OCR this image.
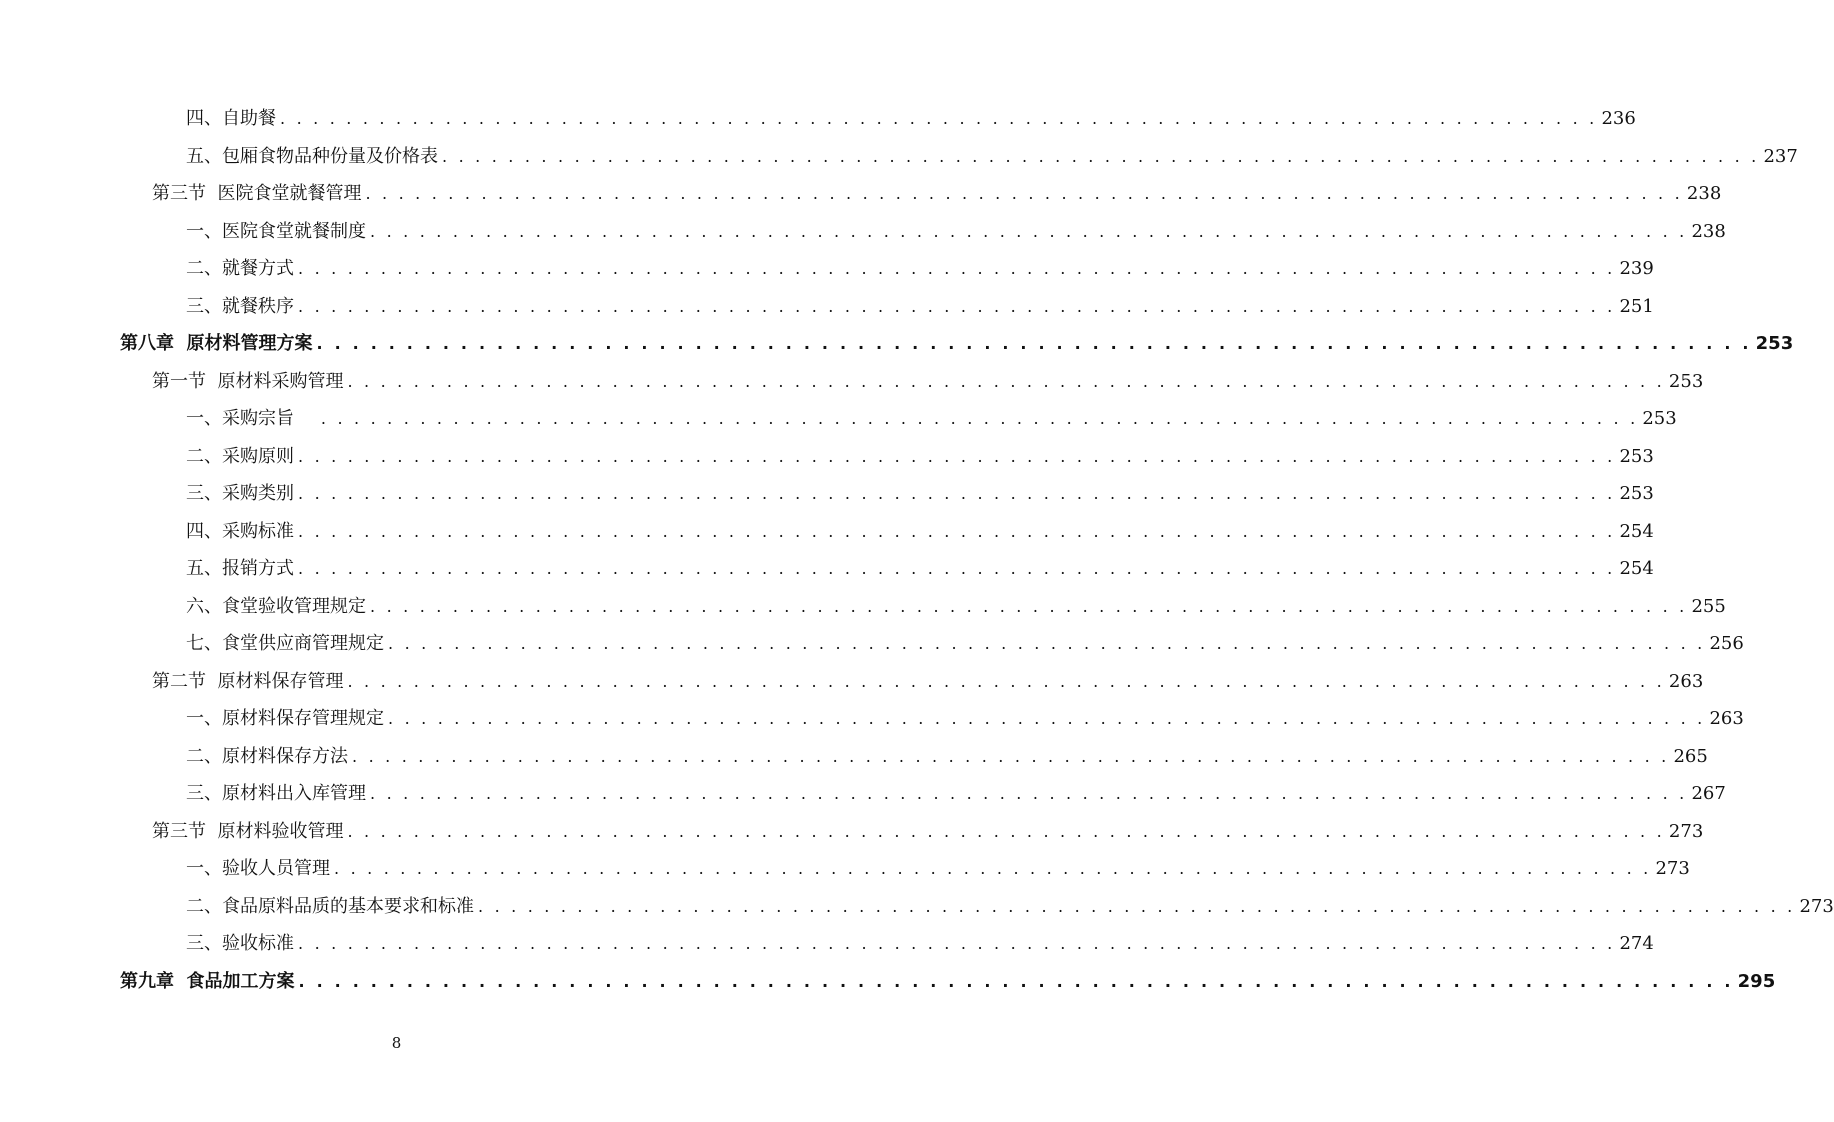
四、自助餐 . . . . . . . . . . . . . . . . . . . . . . . . . . . . . . . . . . . . . . . . . . . . . . . . . . . . . . . . . . . . . . . . . . . . . . . . . . . . . . . . 236
五、包厢食物品种份量及价格表 . . . . . . . . . . . . . . . . . . . . . . . . . . . . . . . . . . . . . . . . . . . . . . . . . . . . . . . . . . . . . . . . . . . . . . . . . . . . . . . . 237
第三节  医院食堂就餐管理 . . . . . . . . . . . . . . . . . . . . . . . . . . . . . . . . . . . . . . . . . . . . . . . . . . . . . . . . . . . . . . . . . . . . . . . . . . . . . . . . 238
一、医院食堂就餐制度 . . . . . . . . . . . . . . . . . . . . . . . . . . . . . . . . . . . . . . . . . . . . . . . . . . . . . . . . . . . . . . . . . . . . . . . . . . . . . . . . 238
二、就餐方式 . . . . . . . . . . . . . . . . . . . . . . . . . . . . . . . . . . . . . . . . . . . . . . . . . . . . . . . . . . . . . . . . . . . . . . . . . . . . . . . . 239
三、就餐秩序 . . . . . . . . . . . . . . . . . . . . . . . . . . . . . . . . . . . . . . . . . . . . . . . . . . . . . . . . . . . . . . . . . . . . . . . . . . . . . . . . 251
第八章  原材料管理方案 . . . . . . . . . . . . . . . . . . . . . . . . . . . . . . . . . . . . . . . . . . . . . . . . . . . . . . . . . . . . . . . . . . . . . . . . . . . . . . . . 253
第一节  原材料采购管理 . . . . . . . . . . . . . . . . . . . . . . . . . . . . . . . . . . . . . . . . . . . . . . . . . . . . . . . . . . . . . . . . . . . . . . . . . . . . . . . . 253
一、采购宗旨 . . . . . . . . . . . . . . . . . . . . . . . . . . . . . . . . . . . . . . . . . . . . . . . . . . . . . . . . . . . . . . . . . . . . . . . . . . . . . . . . 253
二、采购原则 . . . . . . . . . . . . . . . . . . . . . . . . . . . . . . . . . . . . . . . . . . . . . . . . . . . . . . . . . . . . . . . . . . . . . . . . . . . . . . . . 253
三、采购类别 . . . . . . . . . . . . . . . . . . . . . . . . . . . . . . . . . . . . . . . . . . . . . . . . . . . . . . . . . . . . . . . . . . . . . . . . . . . . . . . . 253
四、采购标准 . . . . . . . . . . . . . . . . . . . . . . . . . . . . . . . . . . . . . . . . . . . . . . . . . . . . . . . . . . . . . . . . . . . . . . . . . . . . . . . . 254
五、报销方式 . . . . . . . . . . . . . . . . . . . . . . . . . . . . . . . . . . . . . . . . . . . . . . . . . . . . . . . . . . . . . . . . . . . . . . . . . . . . . . . . 254
六、食堂验收管理规定 . . . . . . . . . . . . . . . . . . . . . . . . . . . . . . . . . . . . . . . . . . . . . . . . . . . . . . . . . . . . . . . . . . . . . . . . . . . . . . . . 255
七、食堂供应商管理规定 . . . . . . . . . . . . . . . . . . . . . . . . . . . . . . . . . . . . . . . . . . . . . . . . . . . . . . . . . . . . . . . . . . . . . . . . . . . . . . . . 256
第二节  原材料保存管理 . . . . . . . . . . . . . . . . . . . . . . . . . . . . . . . . . . . . . . . . . . . . . . . . . . . . . . . . . . . . . . . . . . . . . . . . . . . . . . . . 263
一、原材料保存管理规定 . . . . . . . . . . . . . . . . . . . . . . . . . . . . . . . . . . . . . . . . . . . . . . . . . . . . . . . . . . . . . . . . . . . . . . . . . . . . . . . . 263
二、原材料保存方法 . . . . . . . . . . . . . . . . . . . . . . . . . . . . . . . . . . . . . . . . . . . . . . . . . . . . . . . . . . . . . . . . . . . . . . . . . . . . . . . . 265
三、原材料出入库管理 . . . . . . . . . . . . . . . . . . . . . . . . . . . . . . . . . . . . . . . . . . . . . . . . . . . . . . . . . . . . . . . . . . . . . . . . . . . . . . . . 267
第三节  原材料验收管理 . . . . . . . . . . . . . . . . . . . . . . . . . . . . . . . . . . . . . . . . . . . . . . . . . . . . . . . . . . . . . . . . . . . . . . . . . . . . . . . . 273
一、验收人员管理 . . . . . . . . . . . . . . . . . . . . . . . . . . . . . . . . . . . . . . . . . . . . . . . . . . . . . . . . . . . . . . . . . . . . . . . . . . . . . . . . 273
二、食品原料品质的基本要求和标准 . . . . . . . . . . . . . . . . . . . . . . . . . . . . . . . . . . . . . . . . . . . . . . . . . . . . . . . . . . . . . . . . . . . . . . . . . . . . . . . . 273
三、验收标准 . . . . . . . . . . . . . . . . . . . . . . . . . . . . . . . . . . . . . . . . . . . . . . . . . . . . . . . . . . . . . . . . . . . . . . . . . . . . . . . . 274
第九章  食品加工方案 . . . . . . . . . . . . . . . . . . . . . . . . . . . . . . . . . . . . . . . . . . . . . . . . . . . . . . . . . . . . . . . . . . . . . . . . . . . . . . . . 295
8
